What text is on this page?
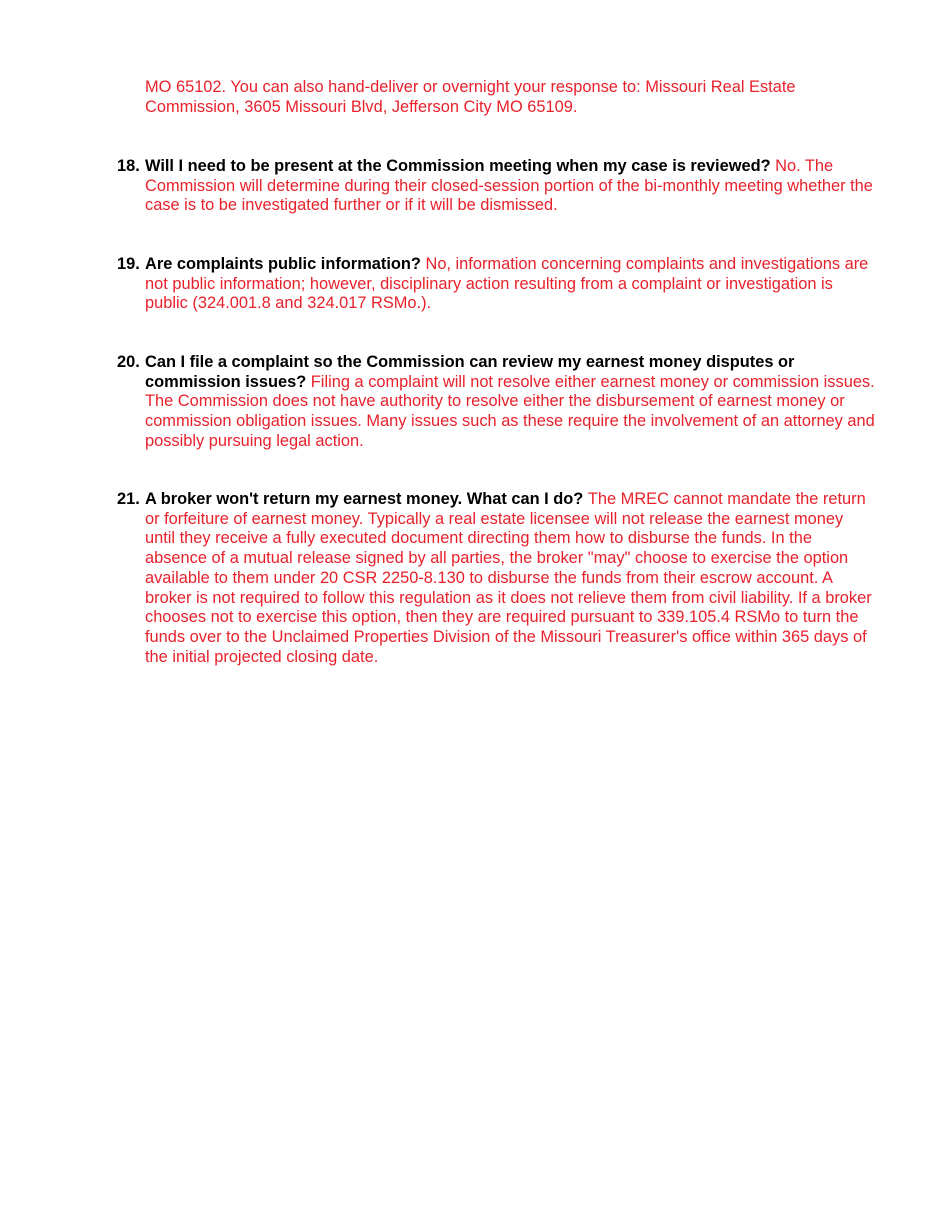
MO 65102. You can also hand-deliver or overnight your response to: Missouri Real Estate Commission, 3605 Missouri Blvd, Jefferson City MO 65109.

18. Will I need to be present at the Commission meeting when my case is reviewed? No. The Commission will determine during their closed-session portion of the bi-monthly meeting whether the case is to be investigated further or if it will be dismissed.
19. Are complaints public information? No, information concerning complaints and investigations are not public information; however, disciplinary action resulting from a complaint or investigation is public (324.001.8 and 324.017 RSMo.).
20. Can I file a complaint so the Commission can review my earnest money disputes or commission issues? Filing a complaint will not resolve either earnest money or commission issues. The Commission does not have authority to resolve either the disbursement of earnest money or commission obligation issues. Many issues such as these require the involvement of an attorney and possibly pursuing legal action.
21. A broker won't return my earnest money. What can I do? The MREC cannot mandate the return or forfeiture of earnest money. Typically a real estate licensee will not release the earnest money until they receive a fully executed document directing them how to disburse the funds. In the absence of a mutual release signed by all parties, the broker "may" choose to exercise the option available to them under 20 CSR 2250-8.130 to disburse the funds from their escrow account. A broker is not required to follow this regulation as it does not relieve them from civil liability. If a broker chooses not to exercise this option, then they are required pursuant to 339.105.4 RSMo to turn the funds over to the Unclaimed Properties Division of the Missouri Treasurer's office within 365 days of the initial projected closing date.
